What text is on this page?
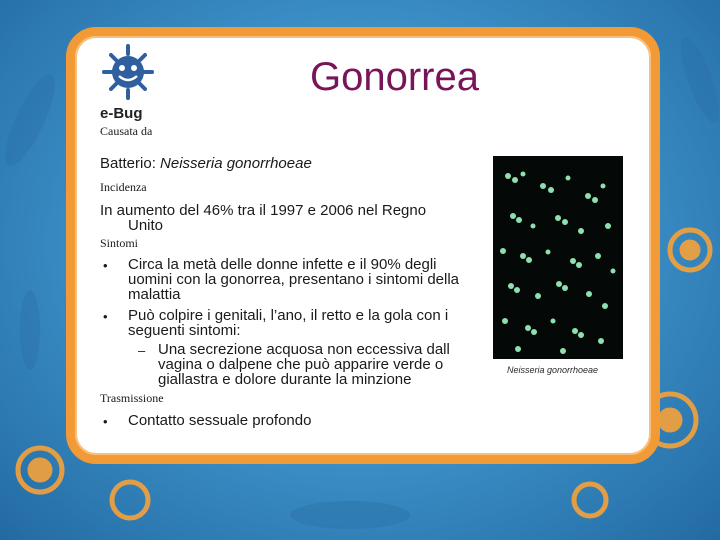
e-Bug
Gonorrea
Causata da
Batterio: Neisseria gonorrhoeae
Incidenza
In aumento del 46% tra il 1997 e 2006 nel Regno
Unito
Sintomi
• Circa la metà delle donne infette e il 90% degli
uomini con la gonorrea, presentano i sintomi della
malattia
• Può colpire i genitali, l’ano, il retto e la gola con i
seguenti sintomi:
– Una secrezione acquosa non eccessiva dall
vagina o dalpene che può apparire verde o
giallastra e dolore durante la minzione
Trasmissione
• Contatto sessuale profondo
Neisseria gonorrhoeae
